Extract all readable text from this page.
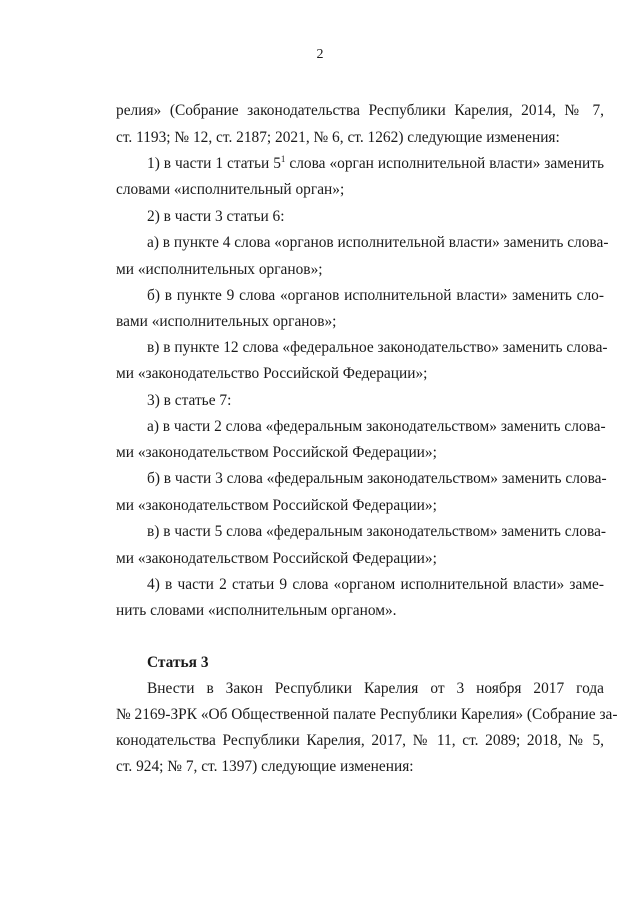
2
релия» (Собрание законодательства Республики Карелия, 2014, № 7,
ст. 1193; № 12, ст. 2187; 2021, № 6, ст. 1262) следующие изменения:
1) в части 1 статьи $5^1$ слова «орган исполнительной власти» заменить
словами «исполнительный орган»;
2) в части 3 статьи 6:
а) в пункте 4 слова «органов исполнительной власти» заменить слова-
ми «исполнительных органов»;
б) в пункте 9 слова «органов исполнительной власти» заменить сло-
вами «исполнительных органов»;
в) в пункте 12 слова «федеральное законодательство» заменить слова-
ми «законодательство Российской Федерации»;
3) в статье 7:
а) в части 2 слова «федеральным законодательством» заменить слова-
ми «законодательством Российской Федерации»;
б) в части 3 слова «федеральным законодательством» заменить слова-
ми «законодательством Российской Федерации»;
в) в части 5 слова «федеральным законодательством» заменить слова-
ми «законодательством Российской Федерации»;
4) в части 2 статьи 9 слова «органом исполнительной власти» заме-
нить словами «исполнительным органом».
Статья 3
Внести в Закон Республики Карелия от 3 ноября 2017 года
№ 2169-ЗРК «Об Общественной палате Республики Карелия» (Собрание за-
конодательства Республики Карелия, 2017, № 11, ст. 2089; 2018, № 5,
ст. 924; № 7, ст. 1397) следующие изменения:
